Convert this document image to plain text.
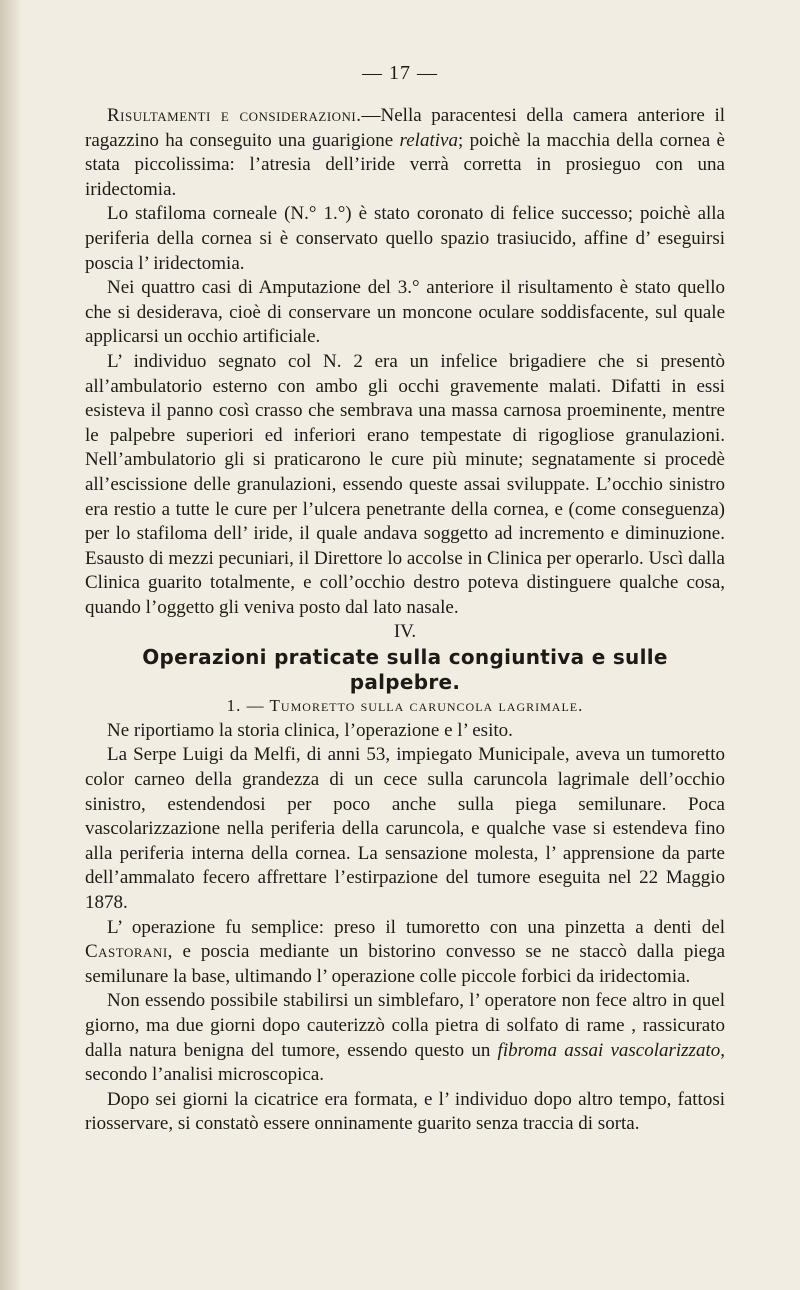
— 17 —

Risultamenti e considerazioni.—Nella paracentesi della camera anteriore il ragazzino ha conseguito una guarigione relativa; poichè la macchia della cornea è stata piccolissima: l’atresia dell’iride verrà corretta in prosieguo con una iridectomia.

Lo stafiloma corneale (N.° 1.°) è stato coronato di felice successo; poichè alla periferia della cornea si è conservato quello spazio trasiucido, affine d’ eseguirsi poscia l’ iridectomia.

Nei quattro casi di Amputazione del 3.° anteriore il risultamento è stato quello che si desiderava, cioè di conservare un moncone oculare soddisfacente, sul quale applicarsi un occhio artificiale.

L’ individuo segnato col N. 2 era un infelice brigadiere che si presentò all’ambulatorio esterno con ambo gli occhi gravemente malati. Difatti in essi esisteva il panno così crasso che sembrava una massa carnosa proeminente, mentre le palpebre superiori ed inferiori erano tempestate di rigogliose granulazioni. Nell’ambulatorio gli si praticarono le cure più minute; segnatamente si procedè all’escissione delle granulazioni, essendo queste assai sviluppate. L’occhio sinistro era restio a tutte le cure per l’ulcera penetrante della cornea, e (come conseguenza) per lo stafiloma dell’ iride, il quale andava soggetto ad incremento e diminuzione. Esausto di mezzi pecuniari, il Direttore lo accolse in Clinica per operarlo. Uscì dalla Clinica guarito totalmente, e coll’occhio destro poteva distinguere qualche cosa, quando l’oggetto gli veniva posto dal lato nasale.

IV.

Operazioni praticate sulla congiuntiva e sulle palpebre.

1. — Tumoretto sulla caruncola lagrimale.

Ne riportiamo la storia clinica, l’operazione e l’ esito.

La Serpe Luigi da Melfi, di anni 53, impiegato Municipale, aveva un tumoretto color carneo della grandezza di un cece sulla caruncola lagrimale dell’occhio sinistro, estendendosi per poco anche sulla piega semilunare. Poca vascolarizzazione nella periferia della caruncola, e qualche vase si estendeva fino alla periferia interna della cornea. La sensazione molesta, l’ apprensione da parte dell’ammalato fecero affrettare l’estirpazione del tumore eseguita nel 22 Maggio 1878.

L’ operazione fu semplice: preso il tumoretto con una pinzetta a denti del Castorani, e poscia mediante un bistorino convesso se ne staccò dalla piega semilunare la base, ultimando l’ operazione colle piccole forbici da iridectomia.

Non essendo possibile stabilirsi un simblefaro, l’ operatore non fece altro in quel giorno, ma due giorni dopo cauterizzò colla pietra di solfato di rame , rassicurato dalla natura benigna del tumore, essendo questo un fibroma assai vascolarizzato, secondo l’analisi microscopica.

Dopo sei giorni la cicatrice era formata, e l’ individuo dopo altro tempo, fattosi riosservare, si constatò essere onninamente guarito senza traccia di sorta.
